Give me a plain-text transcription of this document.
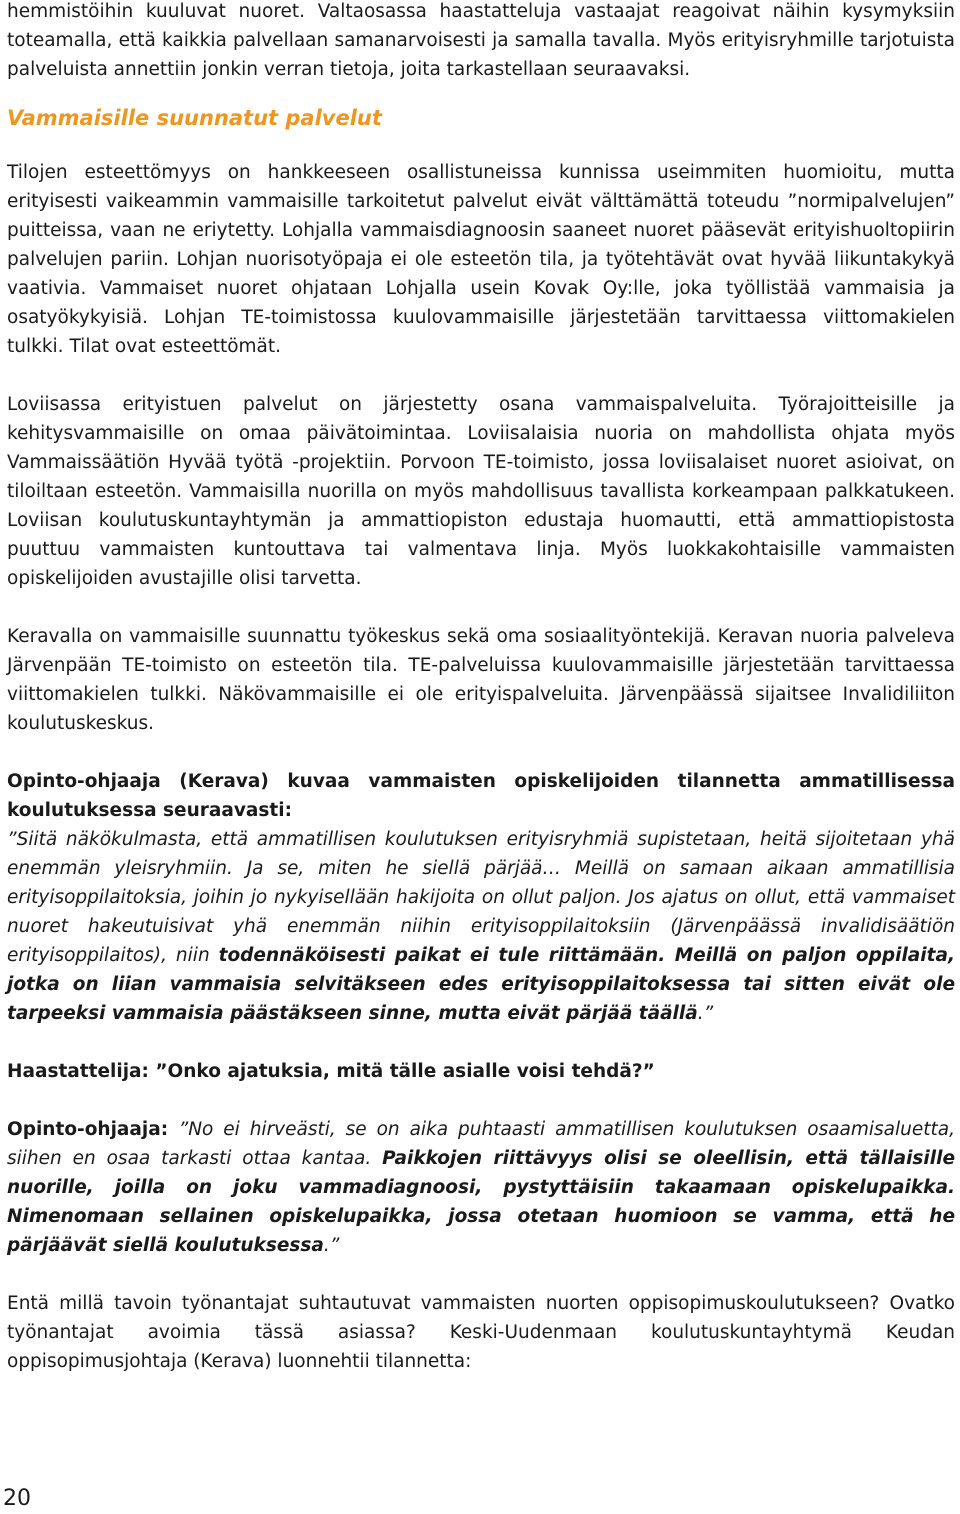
hemmistöihin kuuluvat nuoret. Valtaosassa haastatteluja vastaajat reagoivat näihin kysymyksiin toteamalla, että kaikkia palvellaan samanarvoisesti ja samalla tavalla. Myös erityisryhmille tarjotuista palveluista annettiin jonkin verran tietoja, joita tarkastellaan seuraavaksi.

Vammaisille suunnatut palvelut

Tilojen esteettömyys on hankkeeseen osallistuneissa kunnissa useimmiten huomioitu, mutta erityisesti vaikeammin vammaisille tarkoitetut palvelut eivät välttämättä toteudu ”normipalvelujen” puitteissa, vaan ne eriytetty. Lohjalla vammaisdiagnoosin saaneet nuoret pääsevät erityishuoltopiirin palvelujen pariin. Lohjan nuorisotyöpaja ei ole esteetön tila, ja työtehtävät ovat hyvää liikuntakykyä vaativia. Vammaiset nuoret ohjataan Lohjalla usein Kovak Oy:lle, joka työllistää vammaisia ja osatyökykyisiä. Lohjan TE-toimistossa kuulovammaisille järjestetään tarvittaessa viittomakielen tulkki. Tilat ovat esteettömät.

Loviisassa erityistuen palvelut on järjestetty osana vammaispalveluita. Työrajoitteisille ja kehitysvammaisille on omaa päivätoimintaa. Loviisalaisia nuoria on mahdollista ohjata myös Vammaissäätiön Hyvää työtä -projektiin. Porvoon TE-toimisto, jossa loviisalaiset nuoret asioivat, on tiloiltaan esteetön. Vammaisilla nuorilla on myös mahdollisuus tavallista korkeampaan palkkatukeen. Loviisan koulutuskuntayhtymän ja ammattiopiston edustaja huomautti, että ammattiopistosta puuttuu vammaisten kuntouttava tai valmentava linja. Myös luokkakohtaisille vammaisten opiskelijoiden avustajille olisi tarvetta.

Keravalla on vammaisille suunnattu työkeskus sekä oma sosiaalityöntekijä. Keravan nuoria palveleva Järvenpään TE-toimisto on esteetön tila. TE-palveluissa kuulovammaisille järjestetään tarvittaessa viittomakielen tulkki. Näkövammaisille ei ole erityispalveluita. Järvenpäässä sijaitsee Invalidiliiton koulutuskeskus.

Opinto-ohjaaja (Kerava) kuvaa vammaisten opiskelijoiden tilannetta ammatillisessa koulutuksessa seuraavasti:

”Siitä näkökulmasta, että ammatillisen koulutuksen erityisryhmiä supistetaan, heitä sijoitetaan yhä enemmän yleisryhmiin. Ja se, miten he siellä pärjää… Meillä on samaan aikaan ammatillisia erityisoppilaitoksia, joihin jo nykyisellään hakijoita on ollut paljon. Jos ajatus on ollut, että vammaiset nuoret hakeutuisivat yhä enemmän niihin erityisoppilaitoksiin (Järvenpäässä invalidisäätiön erityisoppilaitos), niin todennäköisesti paikat ei tule riittämään. Meillä on paljon oppilaita, jotka on liian vammaisia selvitäkseen edes erityisoppilaitoksessa tai sitten eivät ole tarpeeksi vammaisia päästäkseen sinne, mutta eivät pärjää täällä.”

Haastattelija: ”Onko ajatuksia, mitä tälle asialle voisi tehdä?”

Opinto-ohjaaja: ”No ei hirveästi, se on aika puhtaasti ammatillisen koulutuksen osaamisaluetta, siihen en osaa tarkasti ottaa kantaa. Paikkojen riittävyys olisi se oleellisin, että tällaisille nuorille, joilla on joku vammadiagnoosi, pystyttäisiin takaamaan opiskelupaikka. Nimenomaan sellainen opiskelupaikka, jossa otetaan huomioon se vamma, että he pärjäävät siellä koulutuksessa.”

Entä millä tavoin työnantajat suhtautuvat vammaisten nuorten oppisopimuskoulutukseen? Ovatko työnantajat avoimia tässä asiassa? Keski-Uudenmaan koulutuskuntayhtymä Keudan oppisopimusjohtaja (Kerava) luonnehtii tilannetta:

20
